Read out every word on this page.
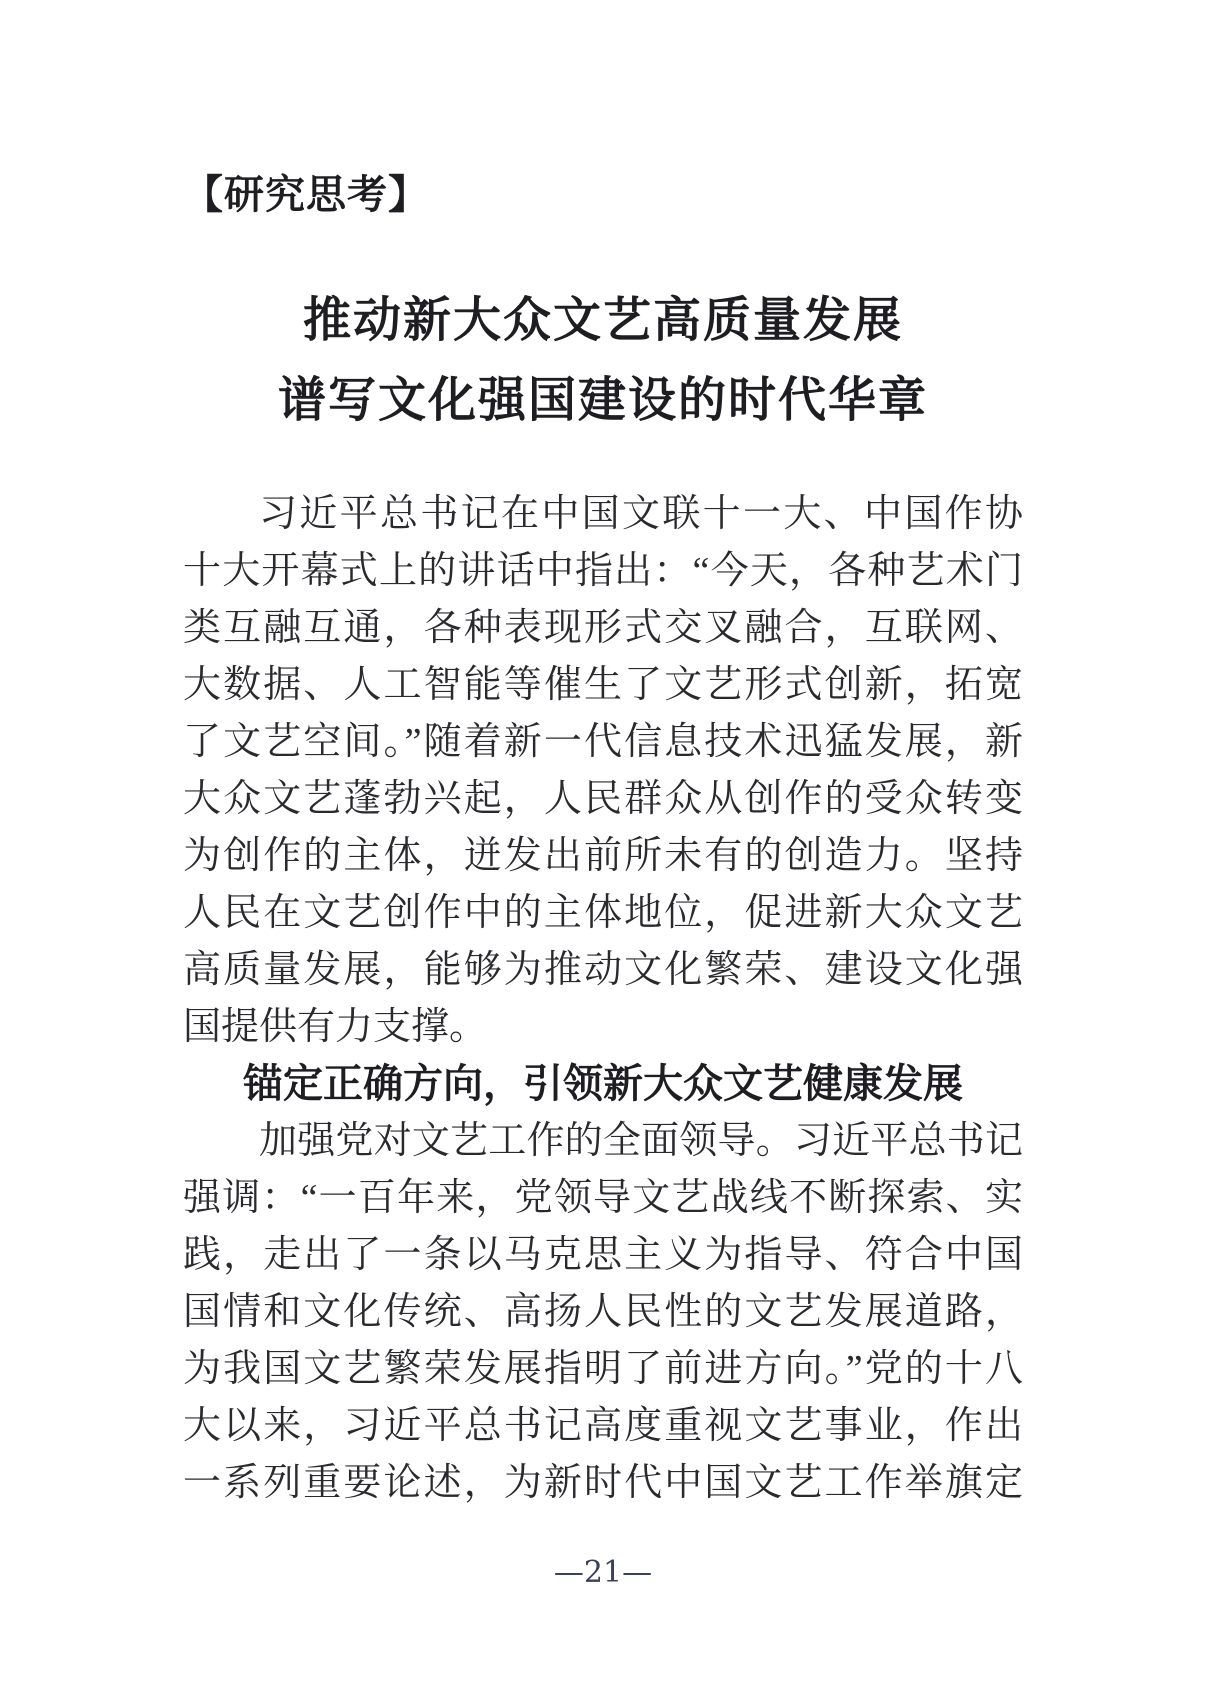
【研究思考】
推动新大众文艺高质量发展
谱写文化强国建设的时代华章
习近平总书记在中国文联十一大、中国作协
十大开幕式上的讲话中指出：“今天，各种艺术门
类互融互通，各种表现形式交叉融合，互联网、
大数据、人工智能等催生了文艺形式创新，拓宽
了文艺空间。”随着新一代信息技术迅猛发展，新
大众文艺蓬勃兴起，人民群众从创作的受众转变
为创作的主体，迸发出前所未有的创造力。坚持
人民在文艺创作中的主体地位，促进新大众文艺
高质量发展，能够为推动文化繁荣、建设文化强
国提供有力支撑。
锚定正确方向，引领新大众文艺健康发展
加强党对文艺工作的全面领导。习近平总书记
强调：“一百年来，党领导文艺战线不断探索、实
践，走出了一条以马克思主义为指导、符合中国
国情和文化传统、高扬人民性的文艺发展道路，
为我国文艺繁荣发展指明了前进方向。”党的十八
大以来，习近平总书记高度重视文艺事业，作出
一系列重要论述，为新时代中国文艺工作举旗定
—21—
